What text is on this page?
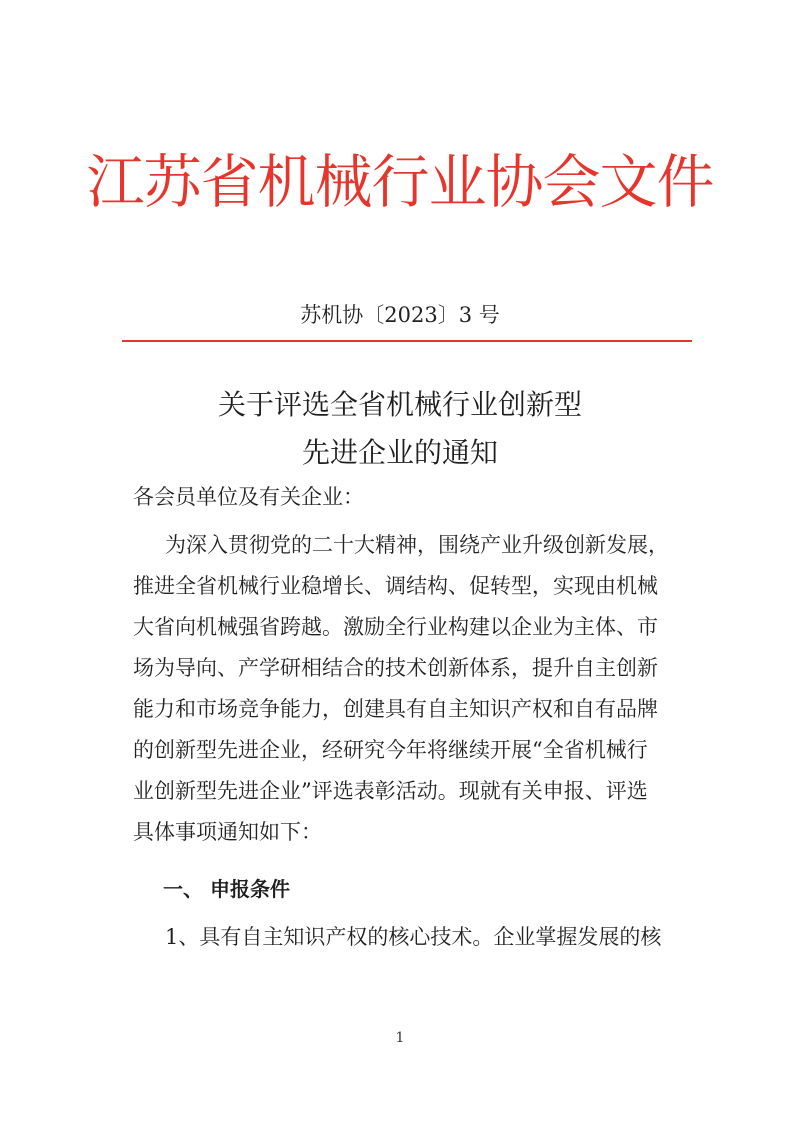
江苏省机械行业协会文件
苏机协〔2023〕3 号
关于评选全省机械行业创新型
先进企业的通知
各会员单位及有关企业：
为深入贯彻党的二十大精神，围绕产业升级创新发展，
推进全省机械行业稳增长、调结构、促转型，实现由机械
大省向机械强省跨越。激励全行业构建以企业为主体、市
场为导向、产学研相结合的技术创新体系，提升自主创新
能力和市场竞争能力，创建具有自主知识产权和自有品牌
的创新型先进企业，经研究今年将继续开展“全省机械行
业创新型先进企业”评选表彰活动。现就有关申报、评选
一、 申报条件
1、具有自主知识产权的核心技术。企业掌握发展的核
1
具体事项通知如下：
